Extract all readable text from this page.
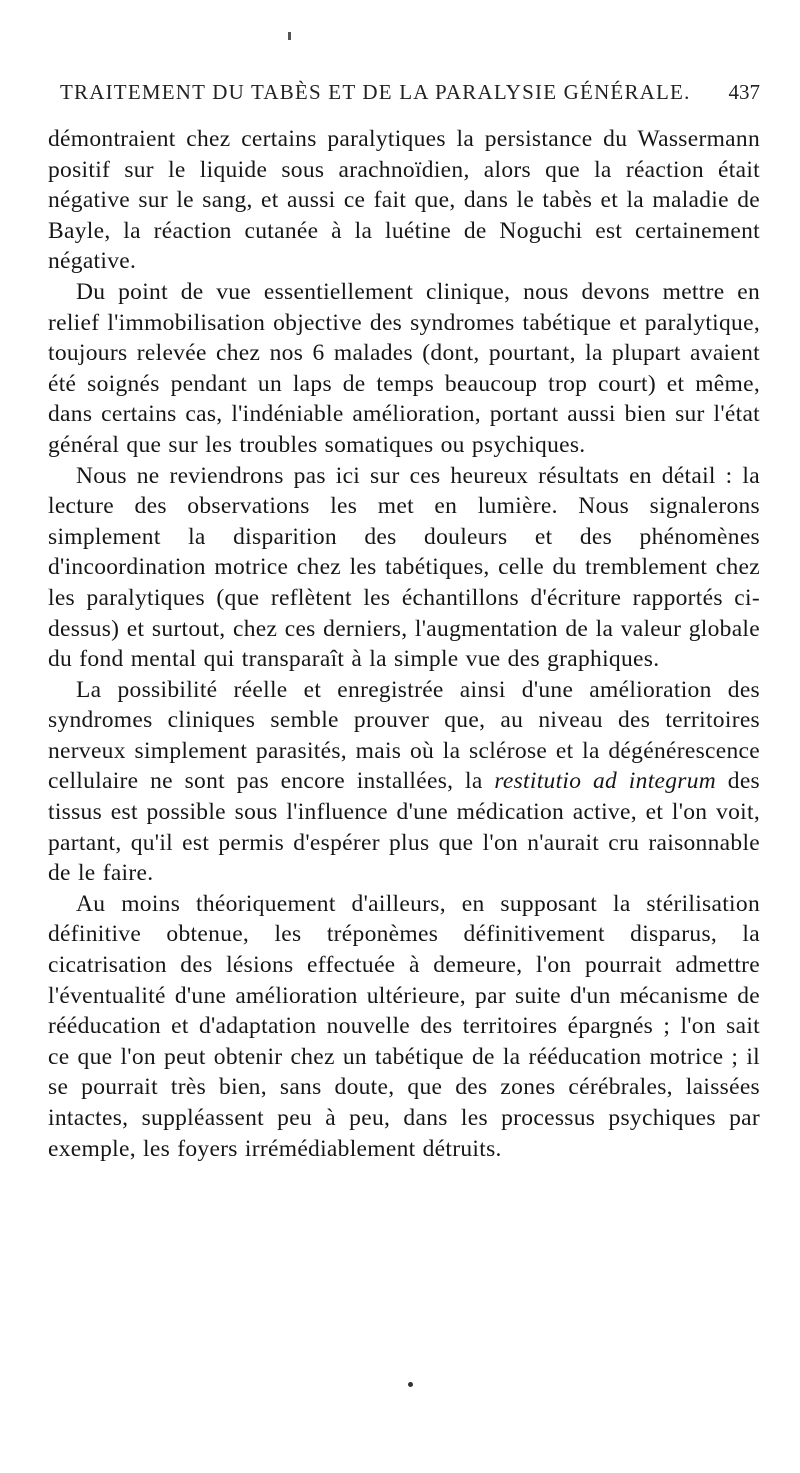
TRAITEMENT DU TABÈS ET DE LA PARALYSIE GÉNÉRALE. 437

démontraient chez certains paralytiques la persistance du Wassermann positif sur le liquide sous arachnoïdien, alors que la réaction était négative sur le sang, et aussi ce fait que, dans le tabès et la maladie de Bayle, la réaction cutanée à la luétine de Noguchi est certainement négative.

Du point de vue essentiellement clinique, nous devons mettre en relief l'immobilisation objective des syndromes tabétique et paralytique, toujours relevée chez nos 6 malades (dont, pourtant, la plupart avaient été soignés pendant un laps de temps beaucoup trop court) et même, dans certains cas, l'indéniable amélioration, portant aussi bien sur l'état général que sur les troubles somatiques ou psychiques.

Nous ne reviendrons pas ici sur ces heureux résultats en détail : la lecture des observations les met en lumière. Nous signalerons simplement la disparition des douleurs et des phénomènes d'incoordination motrice chez les tabétiques, celle du tremblement chez les paralytiques (que reflètent les échantillons d'écriture rapportés ci-dessus) et surtout, chez ces derniers, l'augmentation de la valeur globale du fond mental qui transparaît à la simple vue des graphiques.

La possibilité réelle et enregistrée ainsi d'une amélioration des syndromes cliniques semble prouver que, au niveau des territoires nerveux simplement parasités, mais où la sclérose et la dégénérescence cellulaire ne sont pas encore installées, la restitutio ad integrum des tissus est possible sous l'influence d'une médication active, et l'on voit, partant, qu'il est permis d'espérer plus que l'on n'aurait cru raisonnable de le faire.

Au moins théoriquement d'ailleurs, en supposant la stérilisation définitive obtenue, les tréponèmes définitivement disparus, la cicatrisation des lésions effectuée à demeure, l'on pourrait admettre l'éventualité d'une amélioration ultérieure, par suite d'un mécanisme de rééducation et d'adaptation nouvelle des territoires épargnés ; l'on sait ce que l'on peut obtenir chez un tabétique de la rééducation motrice ; il se pourrait très bien, sans doute, que des zones cérébrales, laissées intactes, suppléassent peu à peu, dans les processus psychiques par exemple, les foyers irrémédiablement détruits.
